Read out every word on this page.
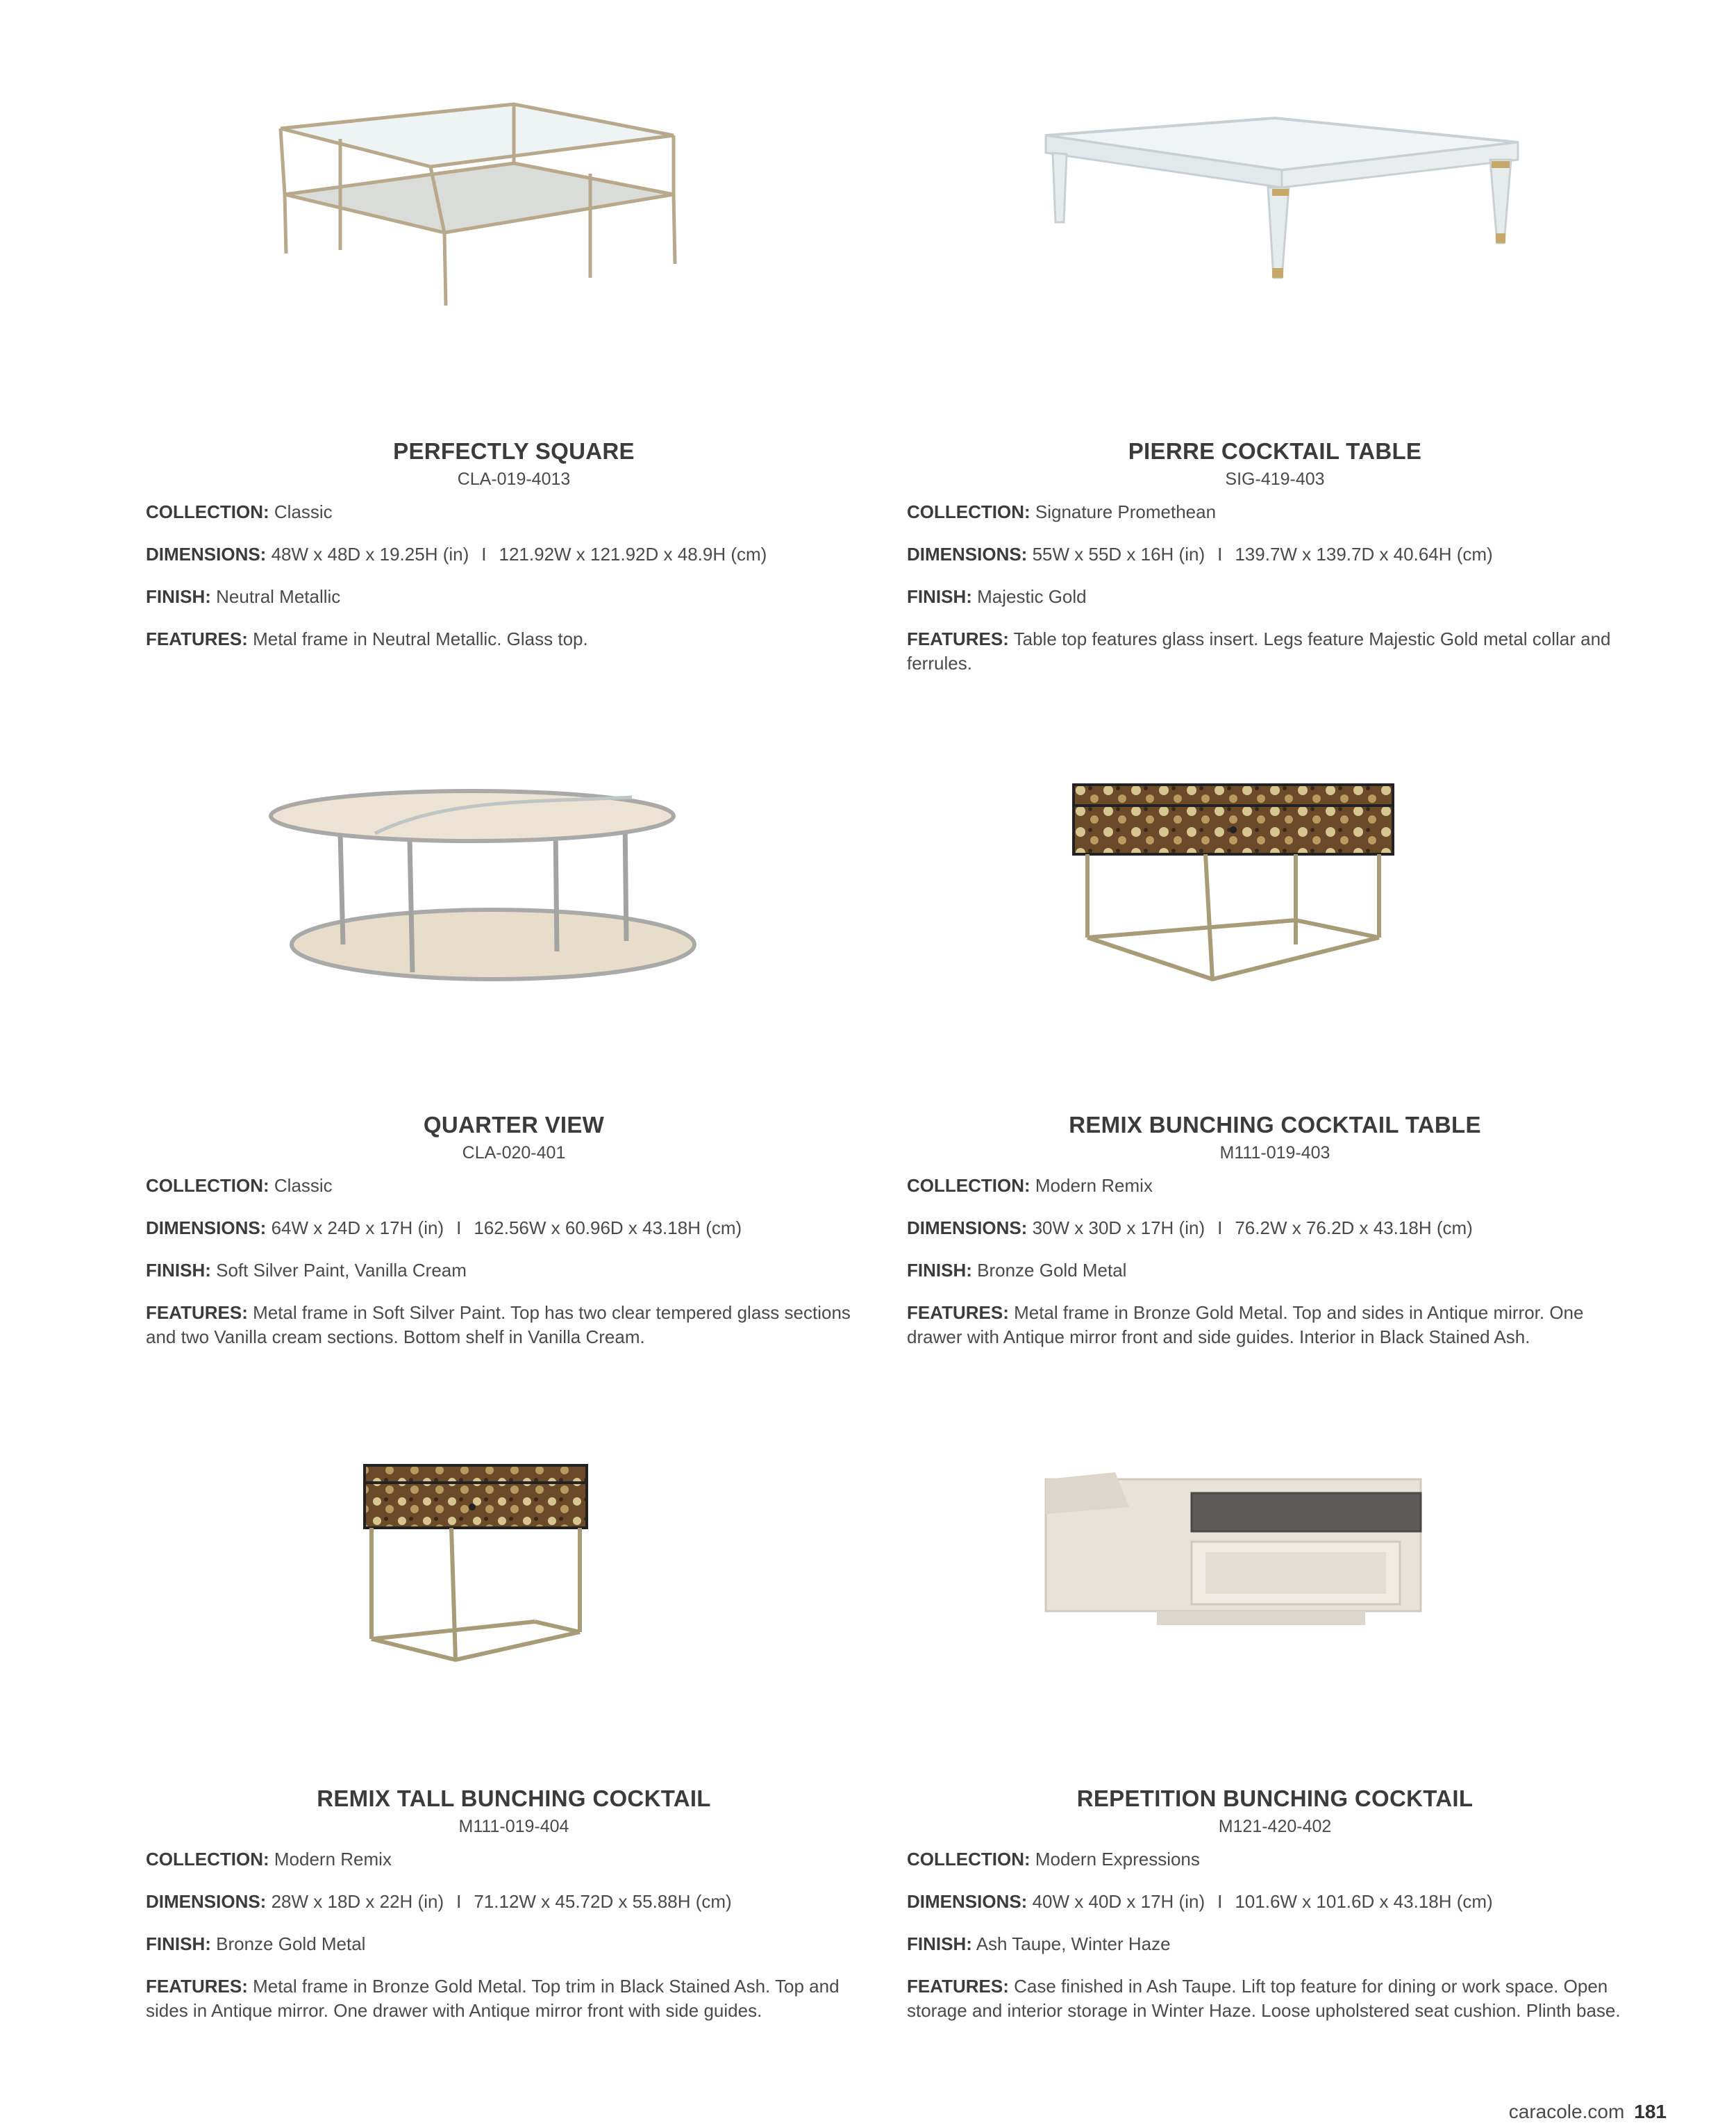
PERFECTLY SQUARE
CLA-019-4013
COLLECTION: Classic
DIMENSIONS: 48W x 48D x 19.25H (in) I 121.92W x 121.92D x 48.9H (cm)
FINISH: Neutral Metallic
FEATURES: Metal frame in Neutral Metallic. Glass top.
PIERRE COCKTAIL TABLE
SIG-419-403
COLLECTION: Signature Promethean
DIMENSIONS: 55W x 55D x 16H (in) I 139.7W x 139.7D x 40.64H (cm)
FINISH: Majestic Gold
FEATURES: Table top features glass insert. Legs feature Majestic Gold metal collar and ferrules.
QUARTER VIEW
CLA-020-401
COLLECTION: Classic
DIMENSIONS: 64W x 24D x 17H (in) I 162.56W x 60.96D x 43.18H (cm)
FINISH: Soft Silver Paint, Vanilla Cream
FEATURES: Metal frame in Soft Silver Paint. Top has two clear tempered glass sections and two Vanilla cream sections. Bottom shelf in Vanilla Cream.
REMIX BUNCHING COCKTAIL TABLE
M111-019-403
COLLECTION: Modern Remix
DIMENSIONS: 30W x 30D x 17H (in) I 76.2W x 76.2D x 43.18H (cm)
FINISH: Bronze Gold Metal
FEATURES: Metal frame in Bronze Gold Metal. Top and sides in Antique mirror. One drawer with Antique mirror front and side guides. Interior in Black Stained Ash.
REMIX TALL BUNCHING COCKTAIL
M111-019-404
COLLECTION: Modern Remix
DIMENSIONS: 28W x 18D x 22H (in) I 71.12W x 45.72D x 55.88H (cm)
FINISH: Bronze Gold Metal
FEATURES: Metal frame in Bronze Gold Metal. Top trim in Black Stained Ash. Top and sides in Antique mirror. One drawer with Antique mirror front with side guides.
REPETITION BUNCHING COCKTAIL
M121-420-402
COLLECTION: Modern Expressions
DIMENSIONS: 40W x 40D x 17H (in) I 101.6W x 101.6D x 43.18H (cm)
FINISH: Ash Taupe, Winter Haze
FEATURES: Case finished in Ash Taupe. Lift top feature for dining or work space. Open storage and interior storage in Winter Haze. Loose upholstered seat cushion. Plinth base.
caracole.com 181
